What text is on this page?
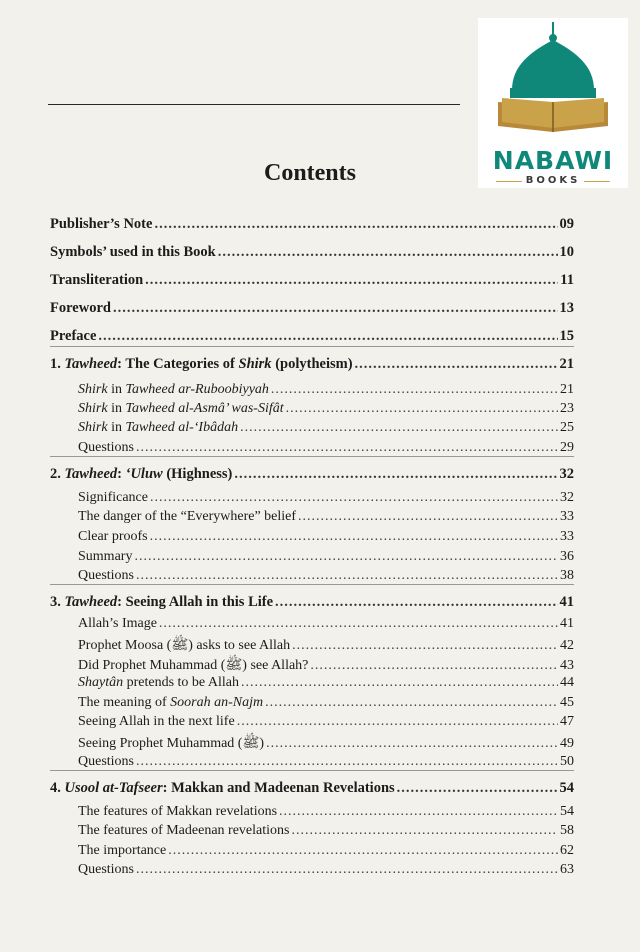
NABAWI
BOOKS
Contents
Publisher’s Note .....	09
Symbols’ used in this Book .....	10
Transliteration .....	11
Foreword .....	13
Preface .....	15
1. Tawheed: The Categories of Shirk (polytheism) .....	21
Shirk in Tawheed ar-Ruboobiyyah .....	21
Shirk in Tawheed al-Asmâ’ was-Sifât .....	23
Shirk in Tawheed al-‘Ibâdah .....	25
Questions .....	29
2. Tawheed: ‘Uluw (Highness) .....	32
Significance .....	32
The danger of the “Everywhere” belief .....	33
Clear proofs .....	33
Summary .....	36
Questions .....	38
3. Tawheed: Seeing Allah in this Life .....	41
Allah’s Image .....	41
Prophet Moosa (ﷺ) asks to see Allah .....	42
Did Prophet Muhammad (ﷺ) see Allah? .....	43
Shaytân pretends to be Allah .....	44
The meaning of Soorah an-Najm .....	45
Seeing Allah in the next life .....	47
Seeing Prophet Muhammad (ﷺ) .....	49
Questions .....	50
4. Usool at-Tafseer: Makkan and Madeenan Revelations .....	54
The features of Makkan revelations .....	54
The features of Madeenan revelations .....	58
The importance .....	62
Questions .....	63
